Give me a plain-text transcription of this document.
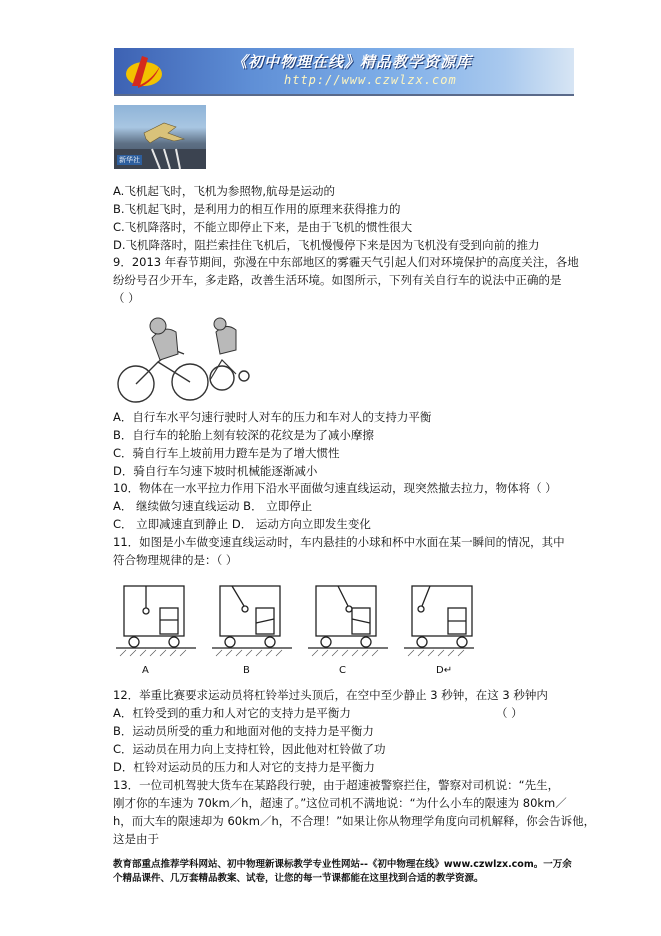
《初中物理在线》精品教学资源库
http://www.czwlzx.com
新华社
A.飞机起飞时，飞机为参照物,航母是运动的
B.飞机起飞时，是利用力的相互作用的原理来获得推力的
C.飞机降落时，不能立即停止下来，是由于飞机的惯性很大
D.飞机降落时，阻拦索挂住飞机后，飞机慢慢停下来是因为飞机没有受到向前的推力
9．2013 年春节期间，弥漫在中东部地区的雾霾天气引起人们对环境保护的高度关注，各地
纷纷号召少开车，多走路，改善生活环境。如图所示，下列有关自行车的说法中正确的是
（ ）
A．自行车水平匀速行驶时人对车的压力和车对人的支持力平衡
B．自行车的轮胎上刻有较深的花纹是为了减小摩擦
C．骑自行车上坡前用力蹬车是为了增大惯性
D．骑自行车匀速下坡时机械能逐渐减小
10．物体在一水平拉力作用下沿水平面做匀速直线运动，现突然撤去拉力，物体将（ ）
A． 继续做匀速直线运动 B． 立即停止
C． 立即减速直到静止 D． 运动方向立即发生变化
11．如图是小车做变速直线运动时，车内悬挂的小球和杯中水面在某一瞬间的情况，其中
符合物理规律的是：（ ）
A	B	C	D↵
12．举重比赛要求运动员将杠铃举过头顶后，在空中至少静止 3 秒钟，在这 3 秒钟内
（ ）
A．杠铃受到的重力和人对它的支持力是平衡力
B．运动员所受的重力和地面对他的支持力是平衡力
C．运动员在用力向上支持杠铃，因此他对杠铃做了功
D．杠铃对运动员的压力和人对它的支持力是平衡力
13．一位司机驾驶大货车在某路段行驶，由于超速被警察拦住，警察对司机说：“先生，
刚才你的车速为 70km／h，超速了。”这位司机不满地说：“为什么小车的限速为 80km／
h，而大车的限速却为 60km／h，不合理！”如果让你从物理学角度向司机解释，你会告诉他，
这是由于
教育部重点推荐学科网站、初中物理新课标教学专业性网站--《初中物理在线》www.czwlzx.com。一万余
个精品课件、几万套精品教案、试卷，让您的每一节课都能在这里找到合适的教学资源。
